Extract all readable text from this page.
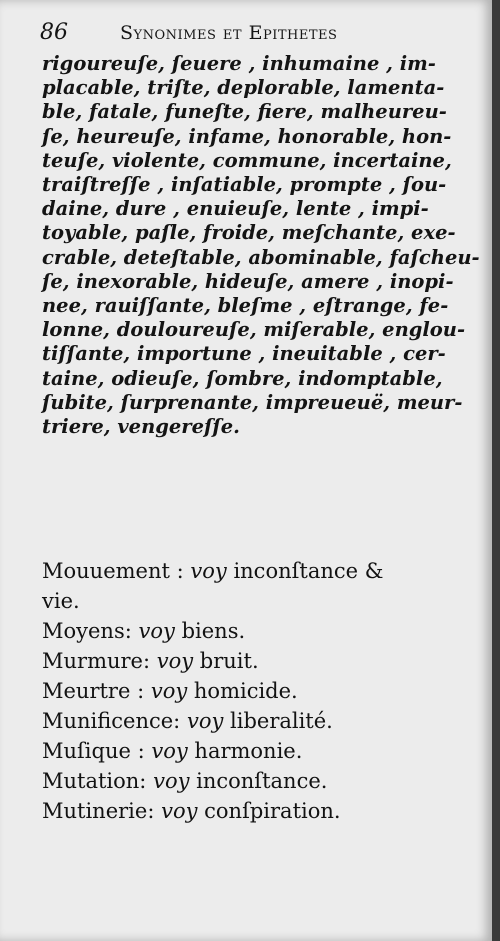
86	Synonimes et Epithetes
rigoureuſe, ſeuere , inhumaine , im-
placable, triſte, deplorable, lamenta-
ble, fatale, funeſte, fiere, malheureu-
ſe, heureuſe, infame, honorable, hon-
teuſe, violente, commune, incertaine,
traiſtreſſe , inſatiable, prompte , ſou-
daine, dure , enuieuſe, lente , impi-
toyable, paſle, froide, meſchante, exe-
crable, deteſtable, abominable, faſcheu-
ſe, inexorable, hideuſe, amere , inopi-
nee, rauiſſante, bleſme , eſtrange, fe-
lonne, douloureuſe, miſerable, englou-
tiſſante, importune , ineuitable , cer-
taine, odieuſe, ſombre, indomptable,
ſubite, ſurprenante, impreueuë, meur-
triere, vengereſſe.
Mouuement : voy inconſtance &
vie.
Moyens: voy biens.
Murmure: voy bruit.
Meurtre : voy homicide.
Munificence: voy liberalité.
Muſique : voy harmonie.
Mutation: voy inconſtance.
Mutinerie: voy conſpiration.
